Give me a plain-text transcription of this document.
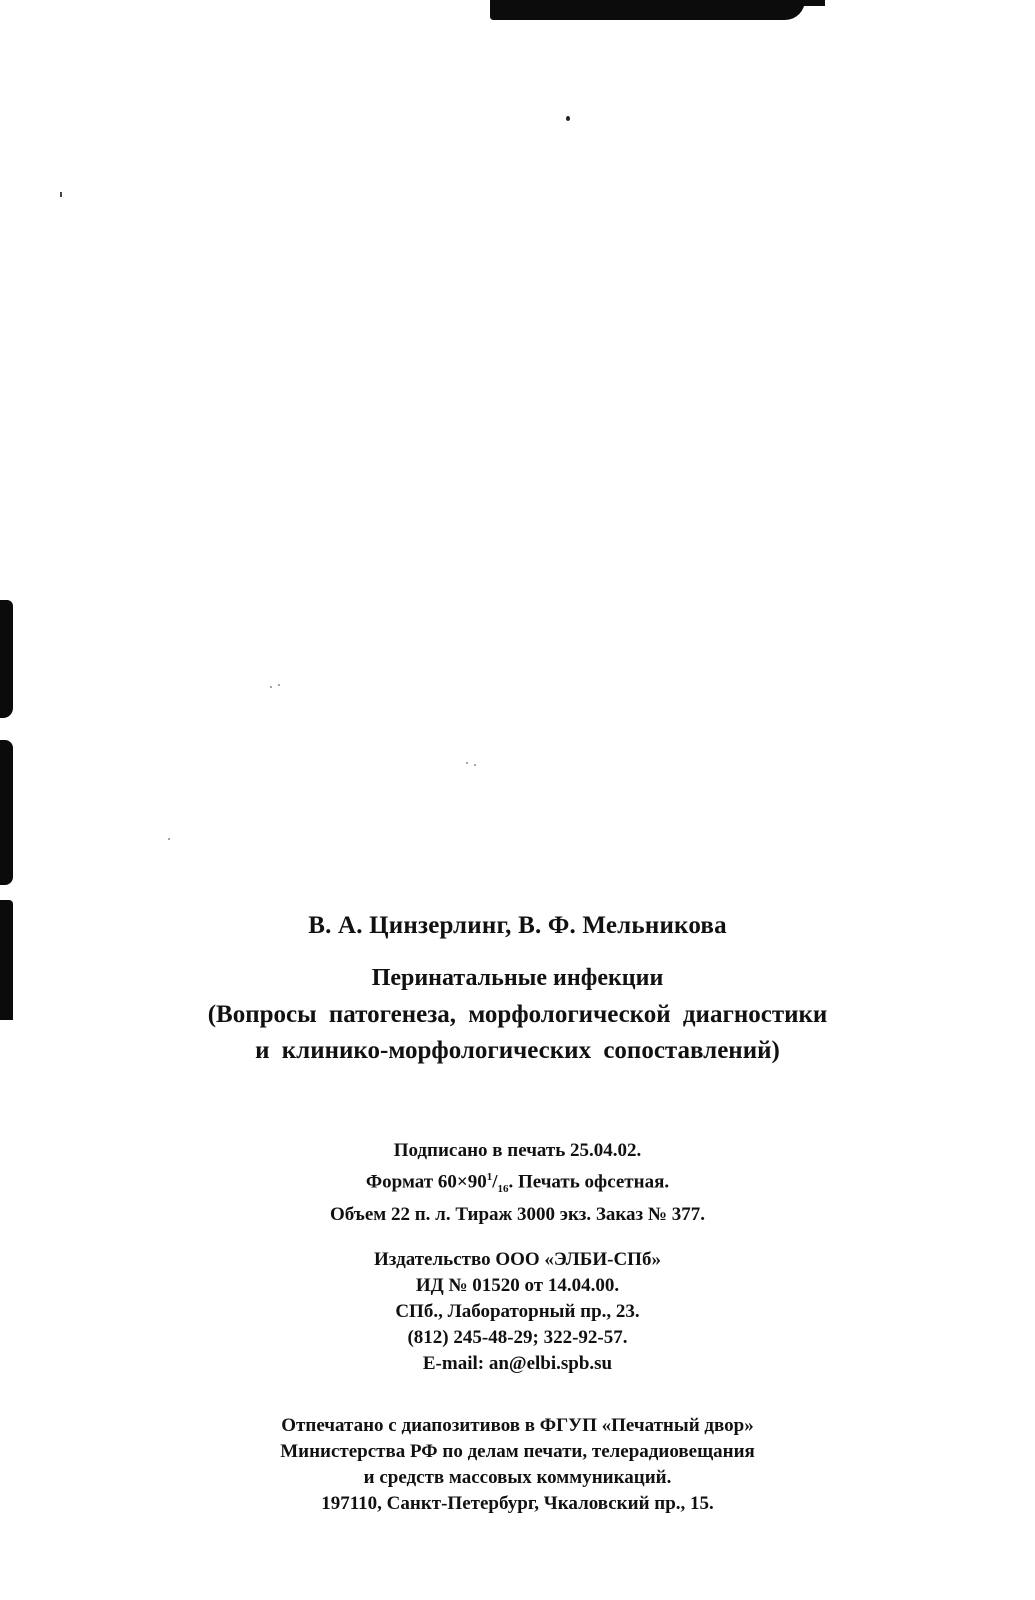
В. А. Цинзерлинг, В. Ф. Мельникова
Перинатальные инфекции
(Вопросы патогенеза, морфологической диагностики
и клинико-морфологических сопоставлений)
Подписано в печать 25.04.02.
Формат $60\times 90^1/_{16}$. Печать офсетная.
Объем 22 п. л. Тираж 3000 экз. Заказ № 377.
Издательство ООО «ЭЛБИ-СПб»
ИД № 01520 от 14.04.00.
СПб., Лабораторный пр., 23.
(812) 245-48-29; 322-92-57.
E-mail: an@elbi.spb.su
Отпечатано с диапозитивов в ФГУП «Печатный двор»
Министерства РФ по делам печати, телерадиовещания
и средств массовых коммуникаций.
197110, Санкт-Петербург, Чкаловский пр., 15.
